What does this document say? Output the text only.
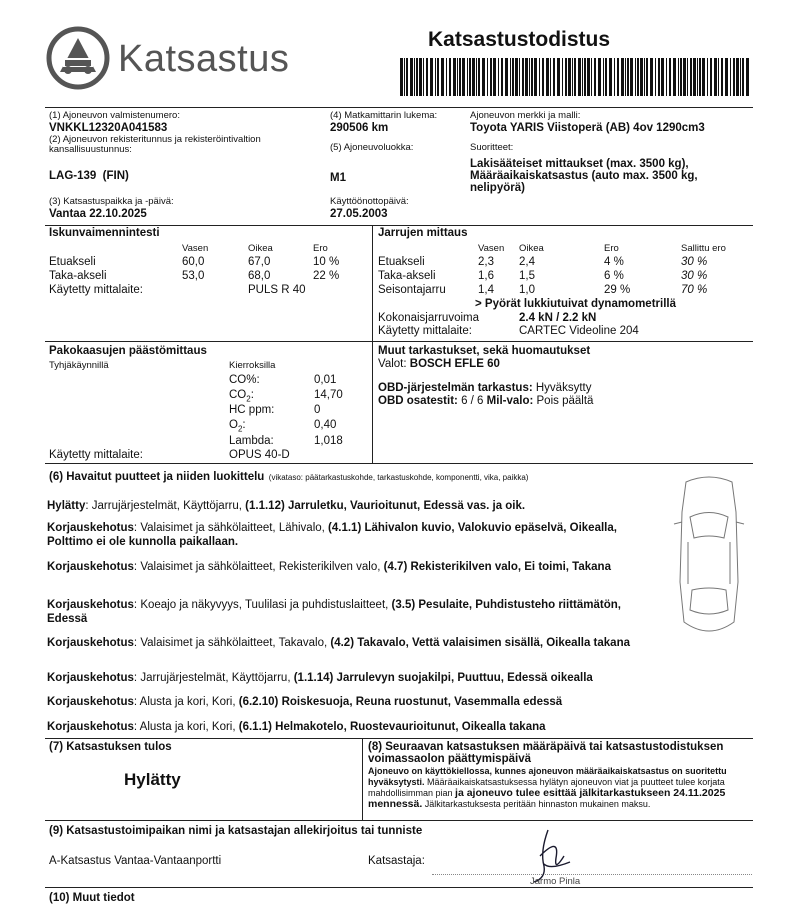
Katsastus	Katsastustodistus
(1) Ajoneuvon valmistenumero:
VNKKL12320A041583
(2) Ajoneuvon rekisteritunnus ja rekisteröintivaltion kansallisuustunnus:
LAG-139  (FIN)
(3) Katsastuspaikka ja -päivä:
Vantaa 22.10.2025
(4) Matkamittarin lukema:
290506 km
(5) Ajoneuvoluokka:
M1
Käyttöönottopäivä:
27.05.2003
Ajoneuvon merkki ja malli:
Toyota YARIS Viistoperä (AB) 4ov 1290cm3
Suoritteet:
Lakisääteiset mittaukset (max. 3500 kg), Määräaikaiskatsastus (auto max. 3500 kg, nelipyörä)
Iskunvaimennintesti
Vasen	Oikea	Ero
Etuakseli	60,0	67,0	10 %
Taka-akseli	53,0	68,0	22 %
Käytetty mittalaite:	PULS R 40
Jarrujen mittaus
Vasen Oikea	Ero	Sallittu ero
Etuakseli	2,3 2,4	4 %	30 %
Taka-akseli	1,6 1,5	6 %	30 %
Seisontajarru	1,4 1,0	29 %	70 %
> Pyörät lukkiutuivat dynamometrillä
Kokonaisjarruvoima	2.4 kN / 2.2 kN
Käytetty mittalaite:	CARTEC Videoline 204
Pakokaasujen päästömittaus
Tyhjäkäynnillä	Kierroksilla
CO%:	0,01
$CO_2$:	14,70
HC ppm:	0
$O_2$:	0,40
Lambda:	1,018
Käytetty mittalaite:	OPUS 40-D
Muut tarkastukset, sekä huomautukset
Valot: BOSCH EFLE 60
OBD-järjestelmän tarkastus: Hyväksytty
OBD osatestit: 6 / 6 Mil-valo: Pois päältä
(6) Havaitut puutteet ja niiden luokittelu (vikataso: päätarkastuskohde, tarkastuskohde, komponentti, vika, paikka)
Hylätty: Jarrujärjestelmät, Käyttöjarru, (1.1.12) Jarruletku, Vaurioitunut, Edessä vas. ja oik.
Korjauskehotus: Valaisimet ja sähkölaitteet, Lähivalo, (4.1.1) Lähivalon kuvio, Valokuvio epäselvä, Oikealla, Polttimo ei ole kunnolla paikallaan.
Korjauskehotus: Valaisimet ja sähkölaitteet, Rekisterikilven valo, (4.7) Rekisterikilven valo, Ei toimi, Takana
Korjauskehotus: Koeajo ja näkyvyys, Tuulilasi ja puhdistuslaitteet, (3.5) Pesulaite, Puhdistusteho riittämätön, Edessä
Korjauskehotus: Valaisimet ja sähkölaitteet, Takavalo, (4.2) Takavalo, Vettä valaisimen sisällä, Oikealla takana
Korjauskehotus: Jarrujärjestelmät, Käyttöjarru, (1.1.14) Jarrulevyn suojakilpi, Puuttuu, Edessä oikealla
Korjauskehotus: Alusta ja kori, Kori, (6.2.10) Roiskesuoja, Reuna ruostunut, Vasemmalla edessä
Korjauskehotus: Alusta ja kori, Kori, (6.1.1) Helmakotelo, Ruostevaurioitunut, Oikealla takana
(7) Katsastuksen tulos
Hylätty
(8) Seuraavan katsastuksen määräpäivä tai katsastustodistuksen voimassaolon päättymispäivä
Ajoneuvo on käyttökiellossa, kunnes ajoneuvon määräaikaiskatsastus on suoritettu hyväksytysti. Määräaikaiskatsastuksessa hylätyn ajoneuvon viat ja puutteet tulee korjata mahdollisimman pian ja ajoneuvo tulee esittää jälkitarkastukseen 24.11.2025 mennessä. Jälkitarkastuksesta peritään hinnaston mukainen maksu.
(9) Katsastustoimipaikan nimi ja katsastajan allekirjoitus tai tunniste
A-Katsastus Vantaa-Vantaanportti	Katsastaja:
Jarmo Pinla
(10) Muut tiedot
